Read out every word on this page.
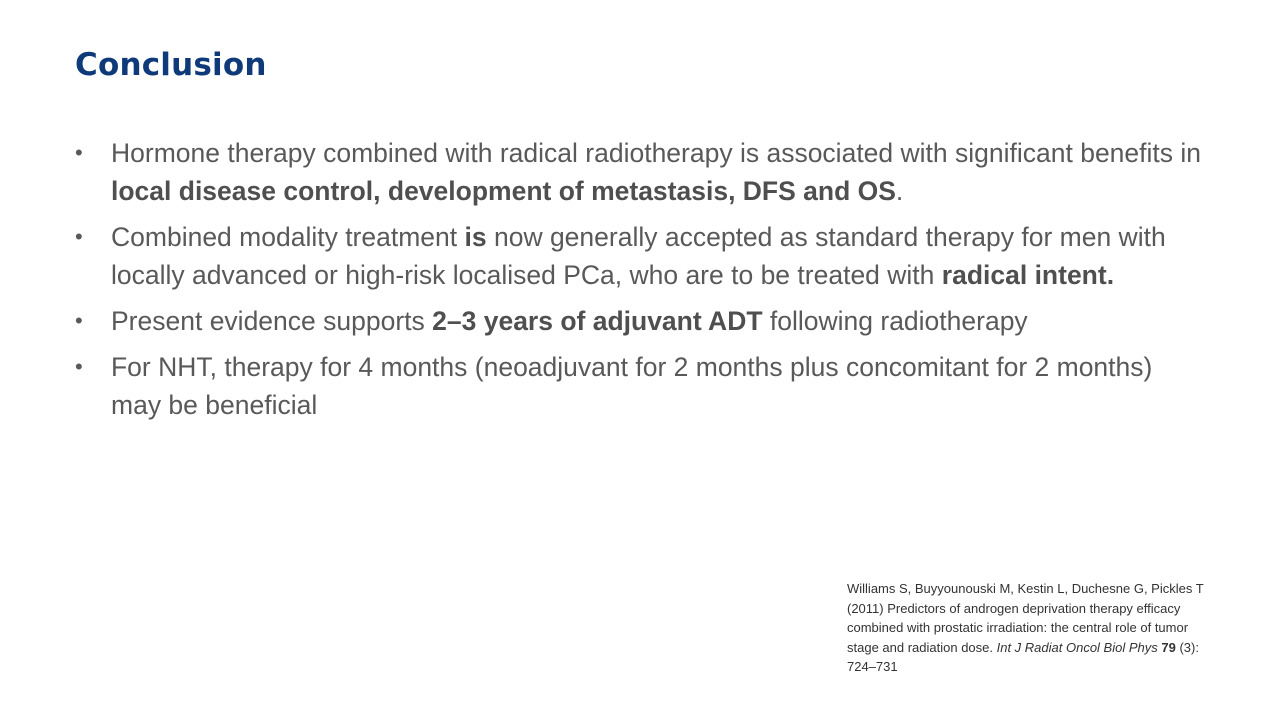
Conclusion
• Hormone therapy combined with radical radiotherapy is associated with significant benefits in local disease control, development of metastasis, DFS and OS.
• Combined modality treatment is now generally accepted as standard therapy for men with locally advanced or high-risk localised PCa, who are to be treated with radical intent.
• Present evidence supports 2–3 years of adjuvant ADT following radiotherapy
• For NHT, therapy for 4 months (neoadjuvant for 2 months plus concomitant for 2 months) may be beneficial

Williams S, Buyyounouski M, Kestin L, Duchesne G, Pickles T (2011) Predictors of androgen deprivation therapy efficacy combined with prostatic irradiation: the central role of tumor stage and radiation dose. Int J Radiat Oncol Biol Phys 79 (3): 724–731
